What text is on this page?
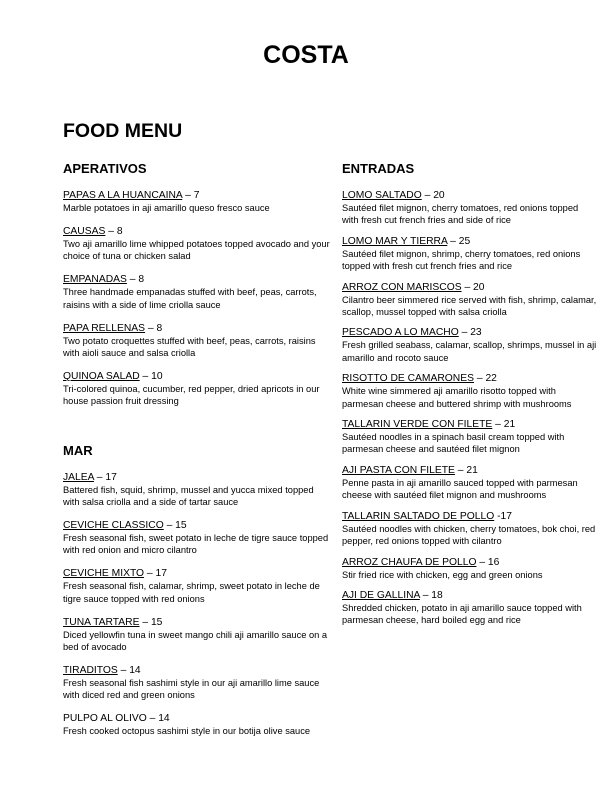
COSTA
FOOD MENU
APERATIVOS
PAPAS A LA HUANCAINA – 7
Marble potatoes in aji amarillo queso fresco sauce
CAUSAS – 8
Two aji amarillo lime whipped potatoes topped avocado and your choice of tuna or chicken salad
EMPANADAS – 8
Three handmade empanadas stuffed with beef, peas, carrots, raisins with a side of lime criolla sauce
PAPA RELLENAS – 8
Two potato croquettes stuffed with beef, peas, carrots, raisins with aioli sauce and salsa criolla
QUINOA SALAD – 10
Tri-colored quinoa, cucumber, red pepper, dried apricots in our house passion fruit dressing
MAR
JALEA – 17
Battered fish, squid, shrimp, mussel and yucca mixed topped with salsa criolla and a side of tartar sauce
CEVICHE CLASSICO – 15
Fresh seasonal fish, sweet potato in leche de tigre sauce topped with red onion and micro cilantro
CEVICHE MIXTO – 17
Fresh seasonal fish, calamar, shrimp, sweet potato in leche de tigre sauce topped with red onions
TUNA TARTARE – 15
Diced yellowfin tuna in sweet mango chili aji amarillo sauce on a bed of avocado
TIRADITOS – 14
Fresh seasonal fish sashimi style in our aji amarillo lime sauce with diced red and green onions
PULPO AL OLIVO – 14
Fresh cooked octopus sashimi style in our botija olive sauce
ENTRADAS
LOMO SALTADO – 20
Sautéed filet mignon, cherry tomatoes, red onions topped with fresh cut french fries and side of rice
LOMO MAR Y TIERRA – 25
Sautéed filet mignon, shrimp, cherry tomatoes, red onions topped with fresh cut french fries and rice
ARROZ CON MARISCOS – 20
Cilantro beer simmered rice served with fish, shrimp, calamar, scallop, mussel topped with salsa criolla
PESCADO A LO MACHO – 23
Fresh grilled seabass, calamar, scallop, shrimps, mussel in aji amarillo and rocoto sauce
RISOTTO DE CAMARONES – 22
White wine simmered aji amarillo risotto topped with parmesan cheese and buttered shrimp with mushrooms
TALLARIN VERDE CON FILETE – 21
Sautéed noodles in a spinach basil cream topped with parmesan cheese and sautéed filet mignon
AJI PASTA CON FILETE – 21
Penne pasta in aji amarillo sauced topped with parmesan cheese with sautéed filet mignon and mushrooms
TALLARIN SALTADO DE POLLO -17
Sautéed noodles with chicken, cherry tomatoes, bok choi, red pepper, red onions topped with cilantro
ARROZ CHAUFA DE POLLO – 16
Stir fried rice with chicken, egg and green onions
AJI DE GALLINA – 18
Shredded chicken, potato in aji amarillo sauce topped with parmesan cheese, hard boiled egg and rice
